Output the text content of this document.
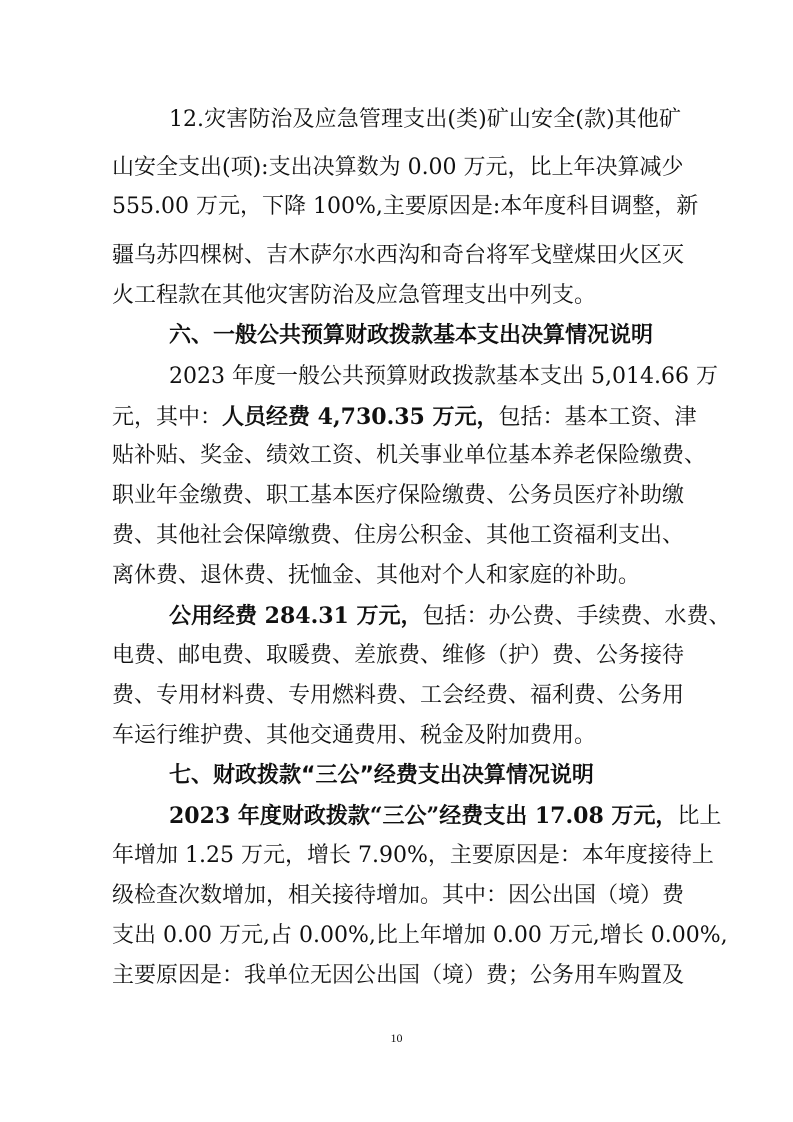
12.灾害防治及应急管理支出(类)矿山安全(款)其他矿
山安全支出(项):支出决算数为 0.00 万元，比上年决算减少
555.00 万元，下降 100%,主要原因是:本年度科目调整，新
疆乌苏四棵树、吉木萨尔水西沟和奇台将军戈壁煤田火区灭
火工程款在其他灾害防治及应急管理支出中列支。
六、一般公共预算财政拨款基本支出决算情况说明
2023 年度一般公共预算财政拨款基本支出 5,014.66 万
元，其中：人员经费 4,730.35 万元，包括：基本工资、津
贴补贴、奖金、绩效工资、机关事业单位基本养老保险缴费、
职业年金缴费、职工基本医疗保险缴费、公务员医疗补助缴
费、其他社会保障缴费、住房公积金、其他工资福利支出、
离休费、退休费、抚恤金、其他对个人和家庭的补助。
公用经费 284.31 万元，包括：办公费、手续费、水费、
电费、邮电费、取暖费、差旅费、维修（护）费、公务接待
费、专用材料费、专用燃料费、工会经费、福利费、公务用
车运行维护费、其他交通费用、税金及附加费用。
七、财政拨款“三公”经费支出决算情况说明
2023 年度财政拨款“三公”经费支出 17.08 万元，比上
年增加 1.25 万元，增长 7.90%，主要原因是：本年度接待上
级检查次数增加，相关接待增加。其中：因公出国（境）费
支出 0.00 万元,占 0.00%,比上年增加 0.00 万元,增长 0.00%,
主要原因是：我单位无因公出国（境）费；公务用车购置及
10
